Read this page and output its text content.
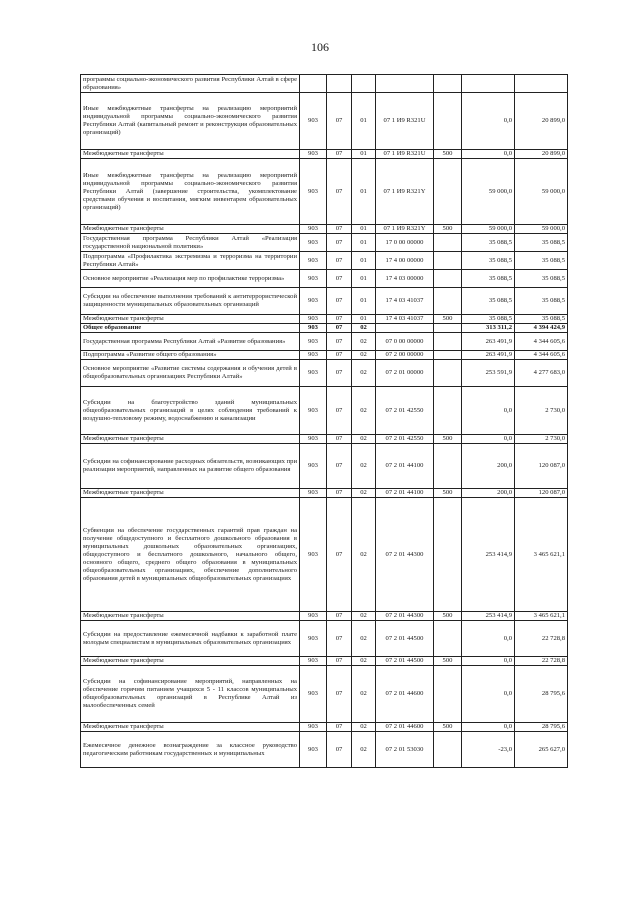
106
программы социально-экономического развития Республики Алтай в сфере образования»							
Иные межбюджетные трансферты на реализацию мероприятий индивидуальной программы социально-экономического развития Республики Алтай (капитальный ремонт и реконструкция образовательных организаций)	903	07	01	07 1 И9 R321U		0,0	20 899,0
Межбюджетные трансферты	903	07	01	07 1 И9 R321U	500	0,0	20 899,0
Иные межбюджетные трансферты на реализацию мероприятий индивидуальной программы социально-экономического развития Республики Алтай (завершение строительства, укомплектование средствами обучения и воспитания, мягким инвентарем образовательных организаций)	903	07	01	07 1 И9 R321Y		59 000,0	59 000,0
Межбюджетные трансферты	903	07	01	07 1 И9 R321Y	500	59 000,0	59 000,0
Государственная программа Республики Алтай «Реализация государственной национальной политики»	903	07	01	17 0 00 00000		35 088,5	35 088,5
Подпрограмма «Профилактика экстремизма и терроризма на территории Республики Алтай»	903	07	01	17 4 00 00000		35 088,5	35 088,5
Основное мероприятие «Реализация мер по профилактике терроризма»	903	07	01	17 4 03 00000		35 088,5	35 088,5
Субсидии на обеспечение выполнения требований к антитеррористической защищенности муниципальных образовательных организаций	903	07	01	17 4 03 41037		35 088,5	35 088,5
Межбюджетные трансферты	903	07	01	17 4 03 41037	500	35 088,5	35 088,5
Общее образование	903	07	02			313 311,2	4 394 424,9
Государственная программа Республики Алтай «Развитие образования»	903	07	02	07 0 00 00000		263 491,9	4 344 605,6
Подпрограмма «Развитие общего образования»	903	07	02	07 2 00 00000		263 491,9	4 344 605,6
Основное мероприятие «Развитие системы содержания и обучения детей в общеобразовательных организациях Республики Алтай»	903	07	02	07 2 01 00000		253 591,9	4 277 683,0
Субсидии на благоустройство зданий муниципальных общеобразовательных организаций в целях соблюдения требований к воздушно-тепловому режиму, водоснабжению и канализации	903	07	02	07 2 01 42550		0,0	2 730,0
Межбюджетные трансферты	903	07	02	07 2 01 42550	500	0,0	2 730,0
Субсидии на софинансирование расходных обязательств, возникающих при реализации мероприятий, направленных на развитие общего образования	903	07	02	07 2 01 44100		200,0	120 087,0
Межбюджетные трансферты	903	07	02	07 2 01 44100	500	200,0	120 087,0
Субвенции на обеспечение государственных гарантий прав граждан на получение общедоступного и бесплатного дошкольного образования в муниципальных дошкольных образовательных организациях, общедоступного и бесплатного дошкольного, начального общего, основного общего, среднего общего образования в муниципальных общеобразовательных организациях, обеспечение дополнительного образования детей в муниципальных общеобразовательных организациях	903	07	02	07 2 01 44300		253 414,9	3 465 621,1
Межбюджетные трансферты	903	07	02	07 2 01 44300	500	253 414,9	3 465 621,1
Субсидии на предоставление ежемесячной надбавки к заработной плате молодым специалистам в муниципальных образовательных организациях	903	07	02	07 2 01 44500		0,0	22 728,8
Межбюджетные трансферты	903	07	02	07 2 01 44500	500	0,0	22 728,8
Субсидии на софинансирование мероприятий, направленных на обеспечение горячим питанием учащихся 5 - 11 классов муниципальных общеобразовательных организаций в Республике Алтай из малообеспеченных семей	903	07	02	07 2 01 44600		0,0	28 795,6
Межбюджетные трансферты	903	07	02	07 2 01 44600	500	0,0	28 795,6
Ежемесячное денежное вознаграждение за классное руководство педагогическим работникам государственных и муниципальных	903	07	02	07 2 01 53030		-23,0	265 627,0
